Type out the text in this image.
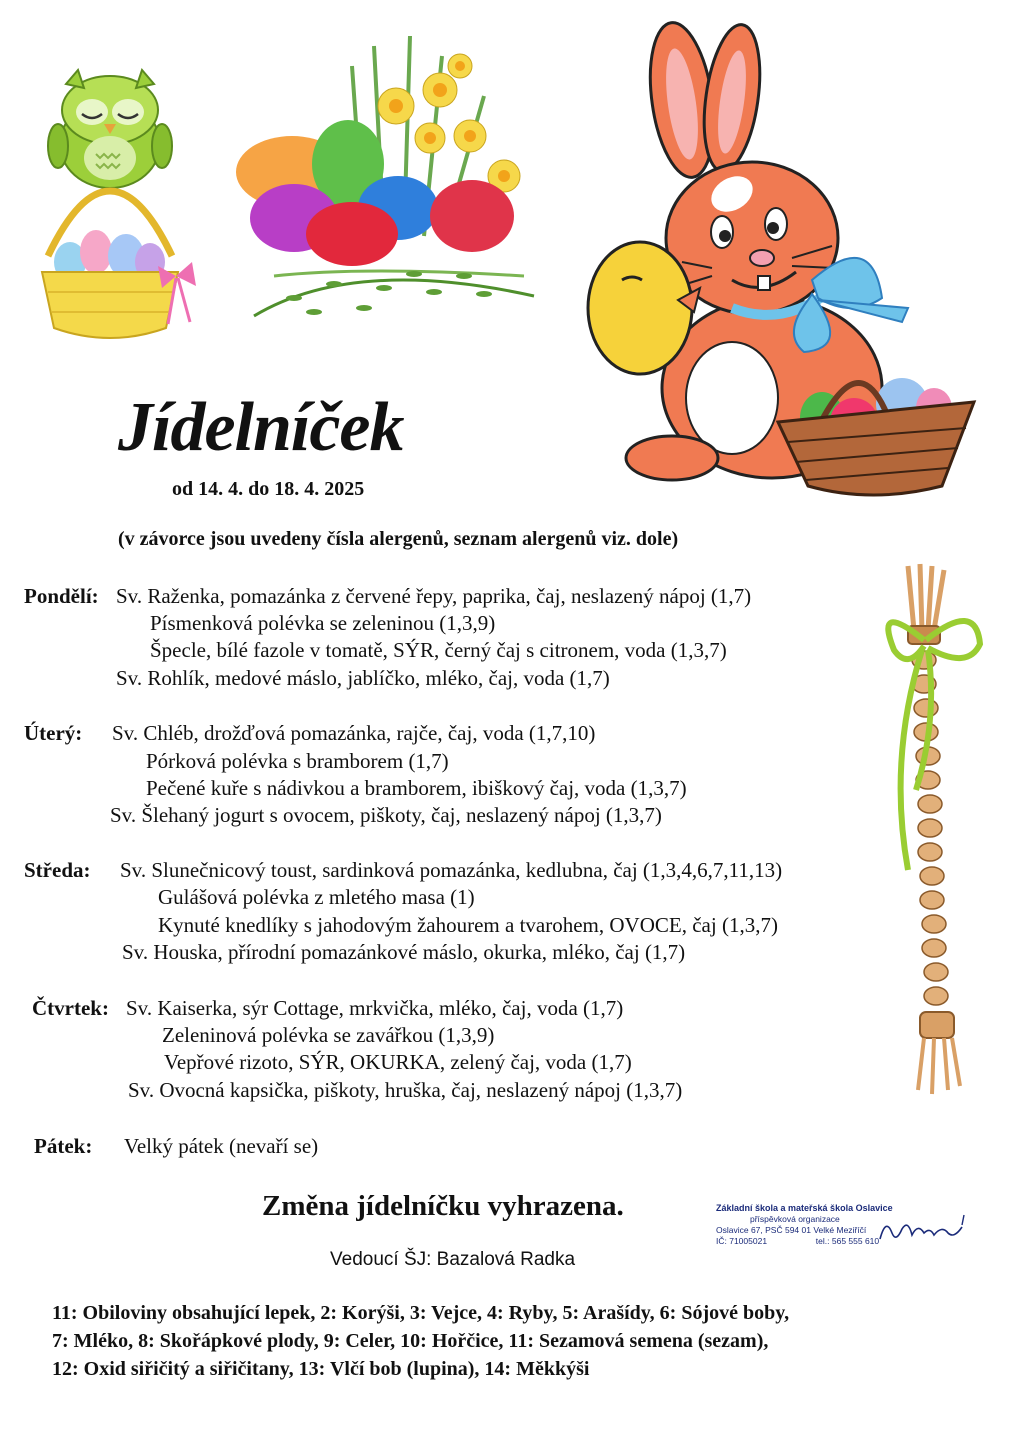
Jídelníček
od 14. 4. do 18. 4. 2025
(v závorce jsou uvedeny čísla alergenů, seznam alergenů viz. dole)
Pondělí: Sv. Raženka, pomazánka z červené řepy, paprika, čaj, neslazený nápoj (1,7)
Písmenková polévka se zeleninou (1,3,9)
Špecle, bílé fazole v tomatě, SÝR, černý čaj s citronem, voda (1,3,7)
Sv. Rohlík, medové máslo, jablíčko, mléko, čaj, voda (1,7)
Úterý: Sv. Chléb, drožďová pomazánka, rajče, čaj, voda (1,7,10)
Pórková polévka s bramborem (1,7)
Pečené kuře s nádivkou a bramborem, ibiškový čaj, voda (1,3,7)
Sv. Šlehaný jogurt s ovocem, piškoty, čaj, neslazený nápoj (1,3,7)
Středa: Sv. Slunečnicový toust, sardinková pomazánka, kedlubna, čaj (1,3,4,6,7,11,13)
Gulášová polévka z mletého masa (1)
Kynuté knedlíky s jahodovým žahourem a tvarohem, OVOCE, čaj (1,3,7)
Sv. Houska, přírodní pomazánkové máslo, okurka, mléko, čaj (1,7)
Čtvrtek: Sv. Kaiserka, sýr Cottage, mrkvička, mléko, čaj, voda (1,7)
Zeleninová polévka se zavářkou (1,3,9)
Vepřové rizoto, SÝR, OKURKA, zelený čaj, voda (1,7)
Sv. Ovocná kapsička, piškoty, hruška, čaj, neslazený nápoj (1,3,7)
Pátek: Velký pátek (nevaří se)
Změna jídelníčku vyhrazena.
Vedoucí ŠJ: Bazalová Radka
Základní škola a mateřská škola Oslavice
příspěvková organizace
Oslavice 67, PSČ 594 01 Velké Meziříčí
IČ: 71005021	tel.: 565 555 610
11: Obiloviny obsahující lepek, 2: Korýši, 3: Vejce, 4: Ryby, 5: Arašídy, 6: Sójové boby,
7: Mléko, 8: Skořápkové plody, 9: Celer, 10: Hořčice, 11: Sezamová semena (sezam),
12: Oxid siřičitý a siřičitany, 13: Vlčí bob (lupina), 14: Měkkýši
